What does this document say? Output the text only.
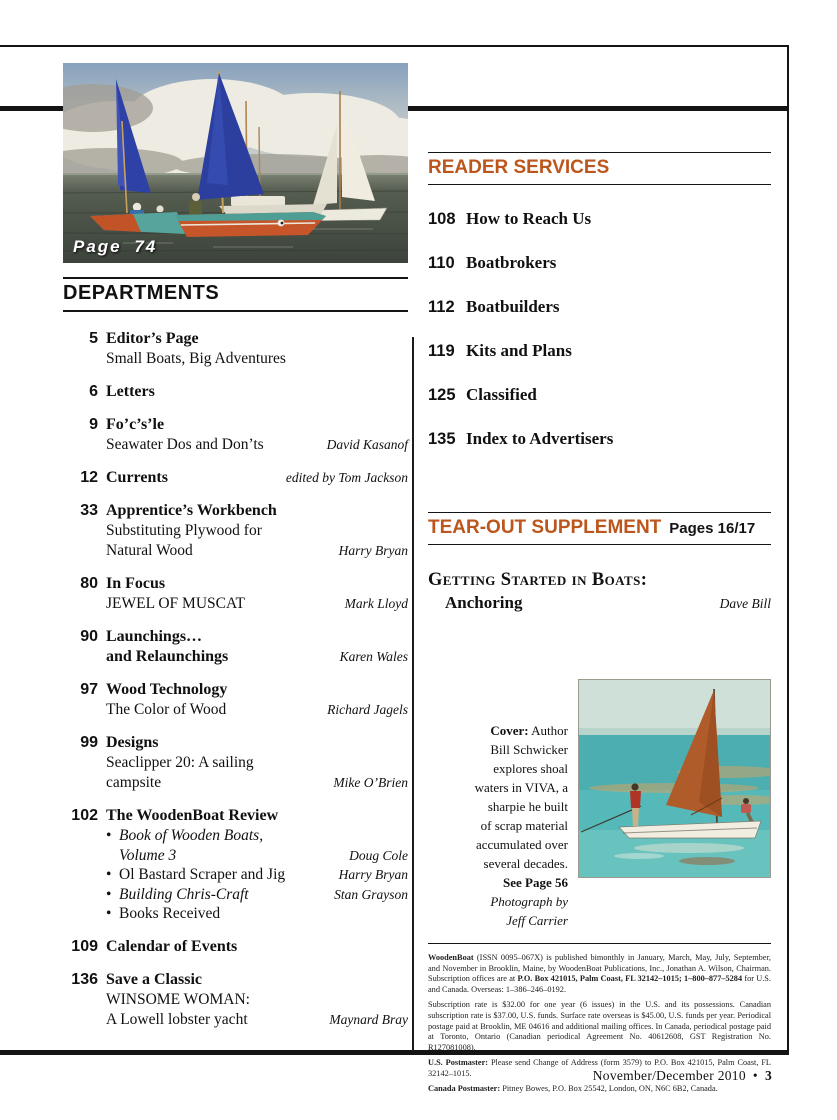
Page 74
DEPARTMENTS
5 Editor’s Page
Small Boats, Big Adventures
6 Letters
9 Fo’c’s’le
Seawater Dos and Don’ts	David Kasanof
12 Currents	edited by Tom Jackson
33 Apprentice’s Workbench
Substituting Plywood for
Natural Wood	Harry Bryan
80 In Focus
JEWEL OF MUSCAT	Mark Lloyd
90 Launchings…
and Relaunchings	Karen Wales
97 Wood Technology
The Color of Wood	Richard Jagels
99 Designs
Seaclipper 20: A sailing
campsite	Mike O’Brien
102 The WoodenBoat Review
• Book of Wooden Boats,
Volume 3	Doug Cole
• Ol Bastard Scraper and Jig	Harry Bryan
• Building Chris-Craft	Stan Grayson
• Books Received
109 Calendar of Events
136 Save a Classic
WINSOME WOMAN:
A Lowell lobster yacht	Maynard Bray
READER SERVICES
108 How to Reach Us
110 Boatbrokers
112 Boatbuilders
119 Kits and Plans
125 Classified
135 Index to Advertisers
TEAR-OUT SUPPLEMENT Pages 16/17
Getting Started in Boats:
Anchoring	Dave Bill
Cover: Author
Bill Schwicker
explores shoal
waters in VIVA, a
sharpie he built
of scrap material
accumulated over
several decades.
See Page 56
Photograph by
Jeff Carrier

WoodenBoat (ISSN 0095–067X) is published bimonthly in January, March, May, July, September, and November in Brooklin, Maine, by WoodenBoat Publications, Inc., Jonathan A. Wilson, Chairman. Subscription offices are at P.O. Box 421015, Palm Coast, FL 32142–1015; 1–800–877–5284 for U.S. and Canada. Overseas: 1–386–246–0192.

Subscription rate is $32.00 for one year (6 issues) in the U.S. and its possessions. Canadian subscription rate is $37.00, U.S. funds. Surface rate overseas is $45.00, U.S. funds per year. Periodical postage paid at Brooklin, ME 04616 and additional mailing offices. In Canada, periodical postage paid at Toronto, Ontario (Canadian periodical Agreement No. 40612608, GST Registration No. R127081008).

U.S. Postmaster: Please send Change of Address (form 3579) to P.O. Box 421015, Palm Coast, FL 32142–1015.

Canada Postmaster: Pitney Bowes, P.O. Box 25542, London, ON, N6C 6B2, Canada.

November/December 2010 • 3
